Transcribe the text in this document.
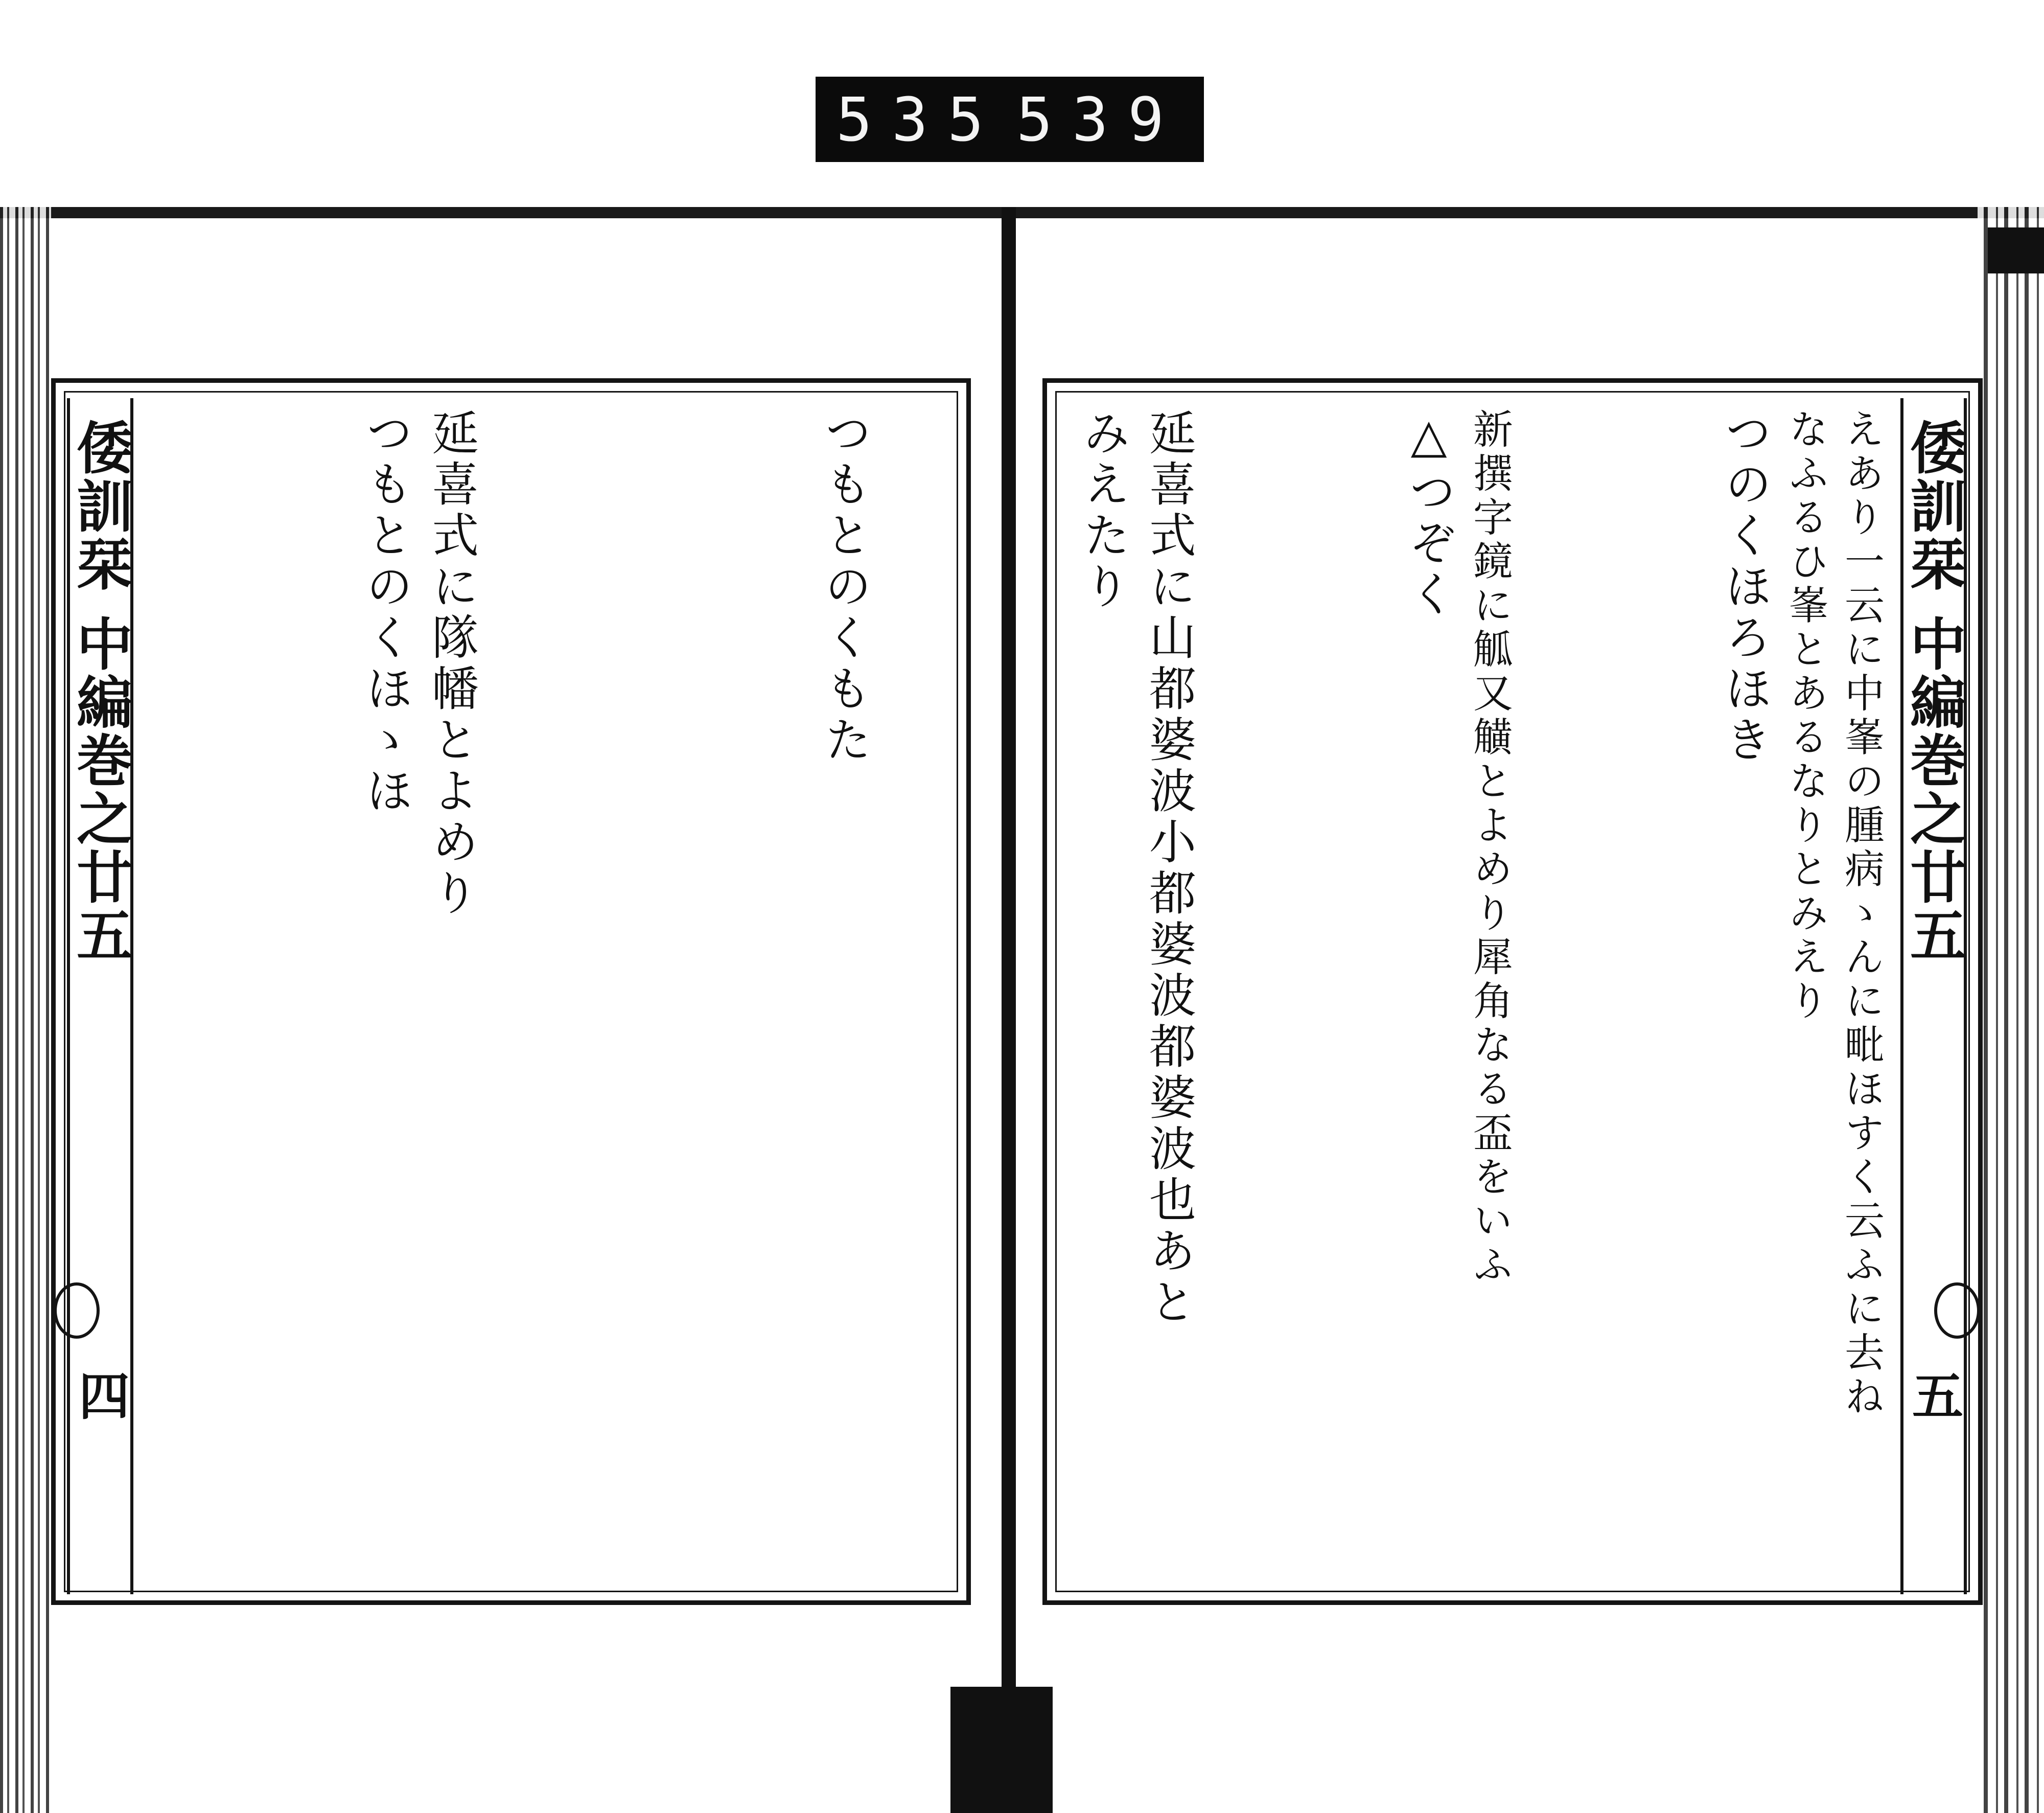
535 539
倭訓栞 中編巻之廿五
四
つもとのくもた
延喜式に隊幡とよめり
つもとのくほゝほ	倭訓栞 中編巻之廿五
五
えあり一云に中峯の腫病ゝんに毗ほすく云ふに去ね
なふるひ峯とあるなりとみえり
つのくほろほき
新撰字鏡に觚又觵とよめり犀角なる盃をいふ
△つぞく
延喜式に山都婆波小都婆波都婆波也あと
みえたり
